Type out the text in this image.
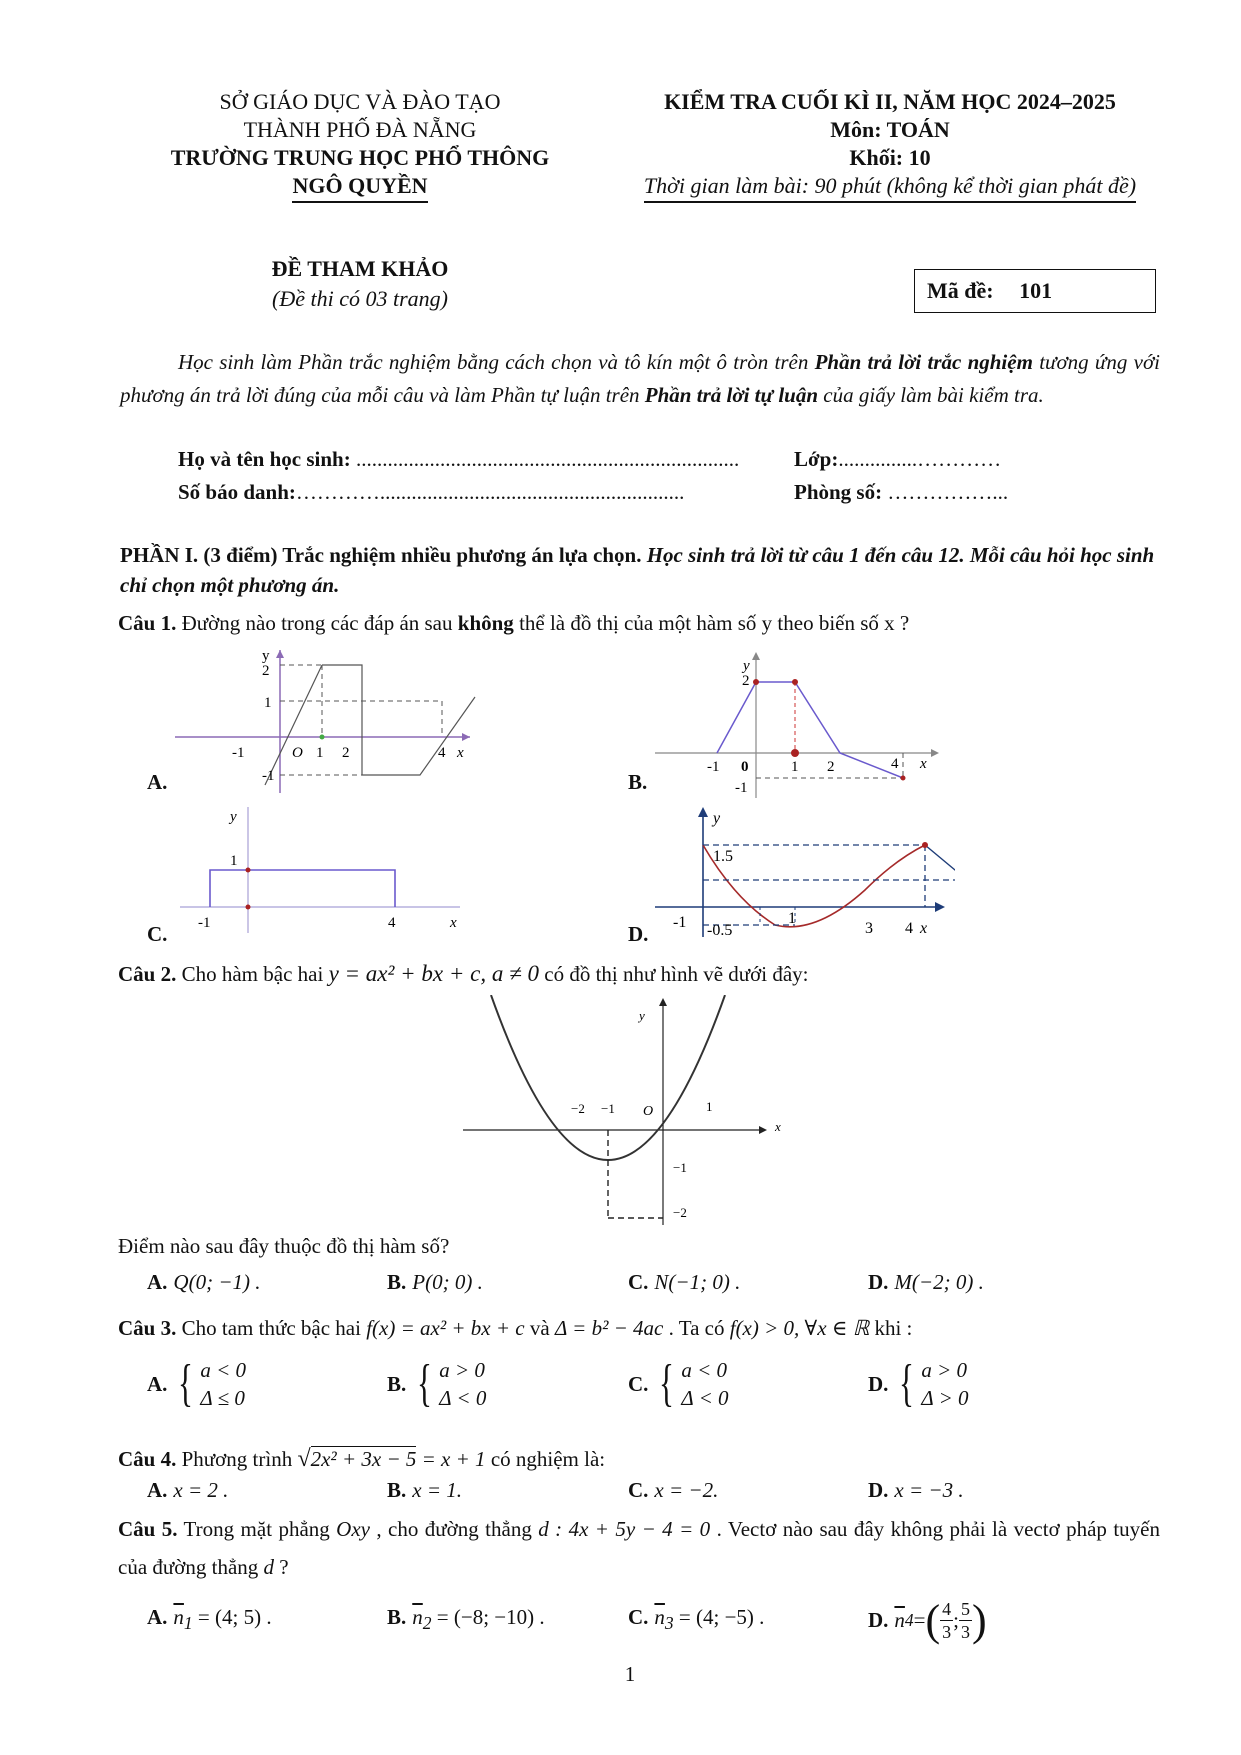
SỞ GIÁO DỤC VÀ ĐÀO TẠO
THÀNH PHỐ ĐÀ NẴNG
TRƯỜNG TRUNG HỌC PHỔ THÔNG
NGÔ QUYỀN
KIỂM TRA CUỐI KÌ II, NĂM HỌC 2024–2025
Môn: TOÁN
Khối: 10
Thời gian làm bài: 90 phút (không kể thời gian phát đề)
ĐỀ THAM KHẢO
(Đề thi có 03 trang)	Mã đề: 101
Học sinh làm Phần trắc nghiệm bằng cách chọn và tô kín một ô tròn trên Phần trả lời trắc nghiệm tương ứng với phương án trả lời đúng của mỗi câu và làm Phần tự luận trên Phần trả lời tự luận của giấy làm bài kiểm tra.
Họ và tên học sinh: .........................................................................	Lớp:...............…………
Số báo danh:…………..........................................................	Phòng số: ……………...
PHẦN I. (3 điểm) Trắc nghiệm nhiều phương án lựa chọn. Học sinh trả lời từ câu 1 đến câu 12. Mỗi câu hỏi học sinh chỉ chọn một phương án.
Câu 1. Đường nào trong các đáp án sau không thể là đồ thị của một hàm số y theo biến số x ?
y
2
1
-1	O 1 2	4 x
-1
A.
y
2
-1 0	1 2	4 x
-1
B.
y
1
-1	4	x
C.
y
1.5
-1 -0.5
1
3 4 x
D.
Câu 2. Cho hàm bậc hai y = ax² + bx + c, a ≠ 0 có đồ thị như hình vẽ dưới đây:
−2 −1 O	1
−1
−2
x
y
Điểm nào sau đây thuộc đồ thị hàm số?
A. Q(0; −1) .	B. P(0; 0) .	C. N(−1; 0) .	D. M(−2; 0) .
Câu 3. Cho tam thức bậc hai f(x) = ax² + bx + c và Δ = b² − 4ac . Ta có f(x) > 0, ∀x ∈ ℝ khi :
A. { a < 0
Δ ≤ 0
B. { a > 0
Δ < 0
C. { a < 0
Δ < 0
D. { a > 0
Δ > 0
Câu 4. Phương trình √2x² + 3x − 5 = x + 1 có nghiệm là:
A. x = 2 .	B. x = 1.	C. x = −2.	D. x = −3 .
Câu 5. Trong mặt phẳng Oxy , cho đường thẳng d : 4x + 5y − 4 = 0 . Vectơ nào sau đây không phải là vectơ pháp tuyến của đường thẳng d ?
A. $\overline{n}_1 = (4$; 5) .	B. $\overline{n}_2 = (-8$; −10) .	C. $\overline{n}_3 = (4$; −5) .	D. $\overline{n}$ 4 = ( 4
3 ; 5
3 )
1
